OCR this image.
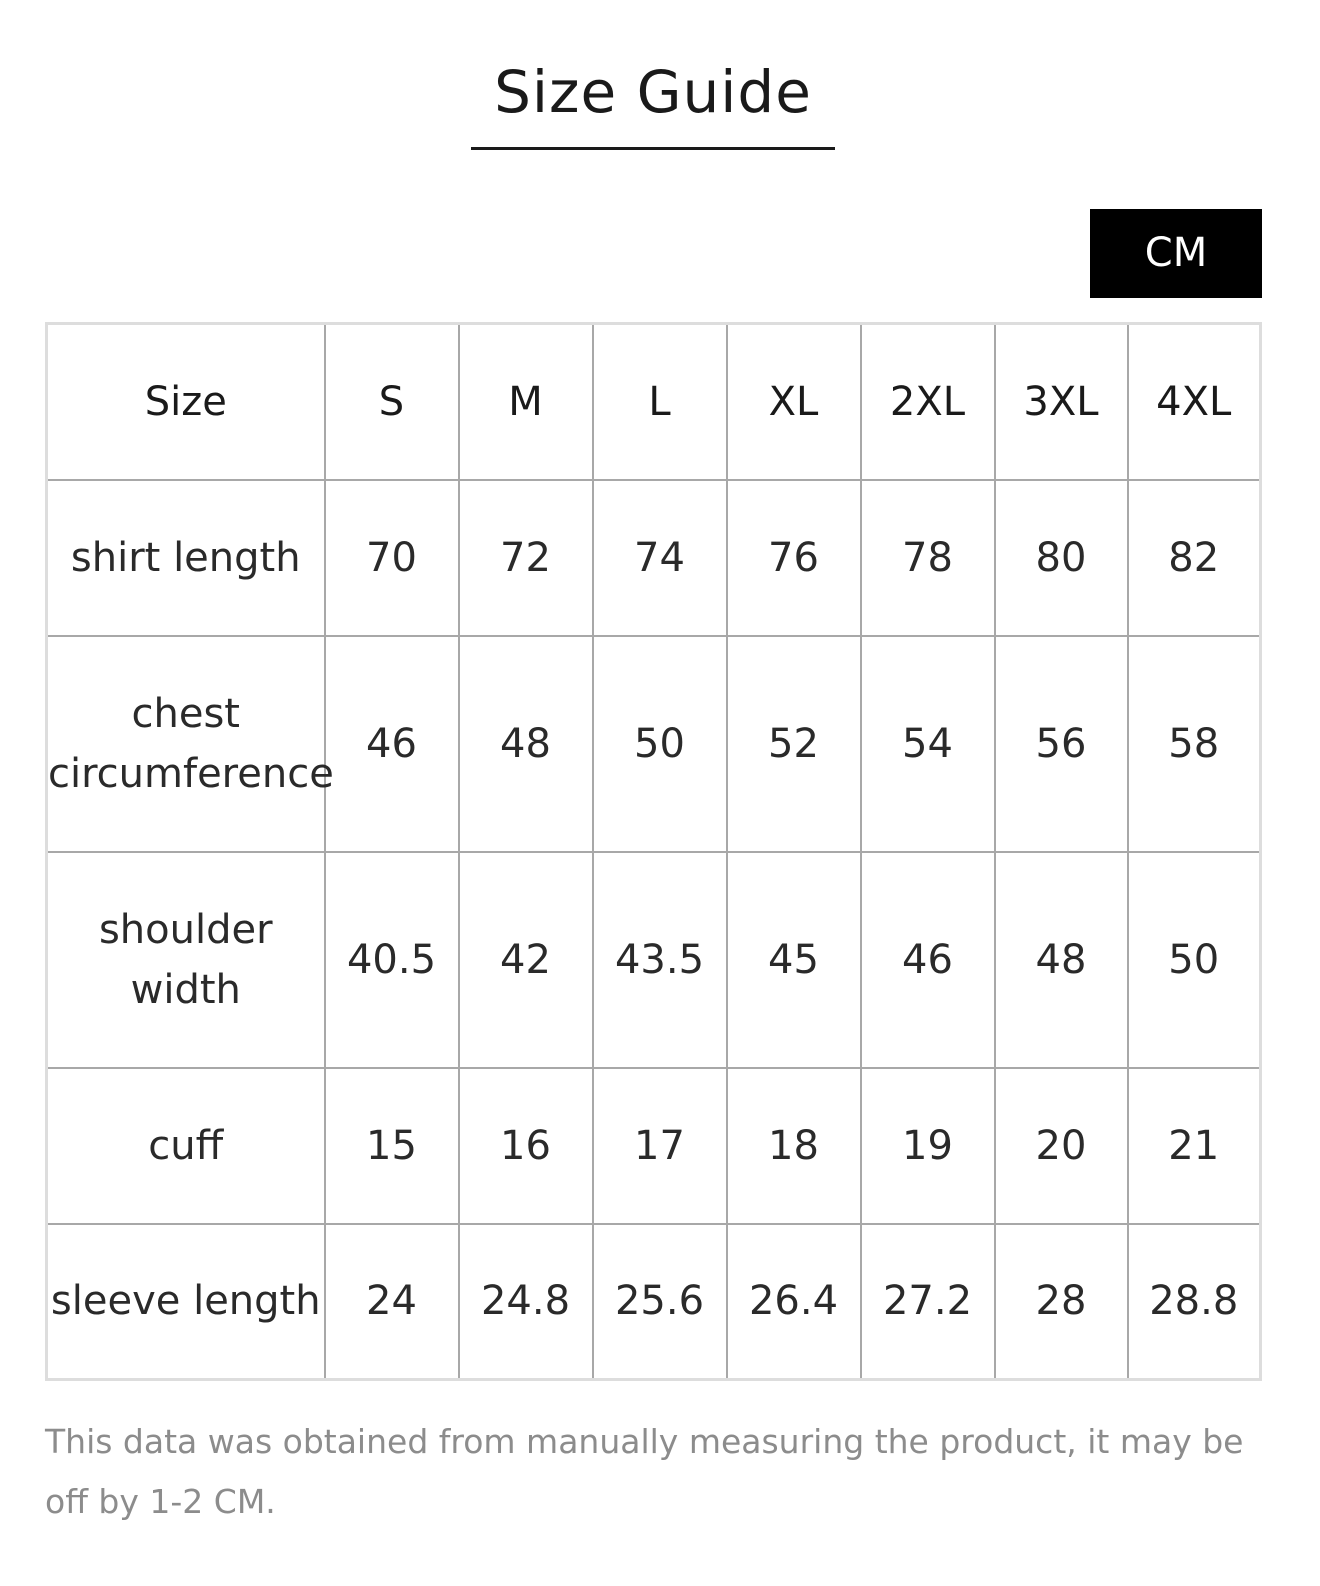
Size Guide
CM
Size	S	M	L	XL	2XL	3XL	4XL
shirt length	70	72	74	76	78	80	82
chest circumference	46	48	50	52	54	56	58
shoulder width	40.5	42	43.5	45	46	48	50
cuff	15	16	17	18	19	20	21
sleeve length	24	24.8	25.6	26.4	27.2	28	28.8

This data was obtained from manually measuring the product, it may be off by 1-2 CM.
